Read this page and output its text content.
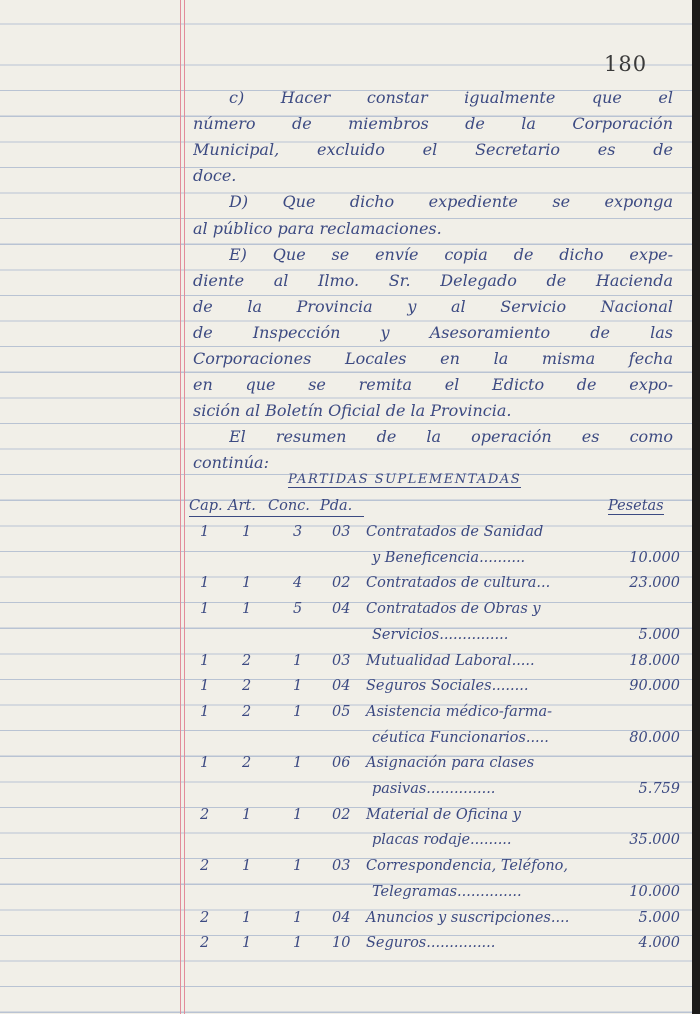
180
c) Hacer constar igualmente que el
número de miembros de la Corporación
Municipal, excluido el Secretario es de
doce.
D) Que dicho expediente se exponga
al público para reclamaciones.
E) Que se envíe copia de dicho expe-
diente al Ilmo. Sr. Delegado de Hacienda
de la Provincia y al Servicio Nacional
de Inspección y Asesoramiento de las
Corporaciones Locales en la misma fecha
en que se remita el Edicto de expo-
sición al Boletín Oficial de la Provincia.
El resumen de la operación es como
continúa:
PARTIDAS SUPLEMENTADAS
Cap. Art. Conc. Pda.	Pesetas
1 1	3 03 Contratados de Sanidad
y Beneficencia..........	10.000
1 1	4 02 Contratados de cultura...	23.000
1 1	5 04 Contratados de Obras y
Servicios...............	5.000
1 2	1 03 Mutualidad Laboral.....	18.000
1 2	1 04 Seguros Sociales........	90.000
1 2	1 05 Asistencia médico-farma-
céutica Funcionarios.....	80.000
1 2	1 06 Asignación para clases
pasivas...............	5.759
2 1	1 02 Material de Oficina y
placas rodaje.........	35.000
2 1	1 03 Correspondencia, Teléfono,
Telegramas..............	10.000
2 1	1 04 Anuncios y suscripciones....	5.000
2 1	1 10 Seguros...............	4.000
